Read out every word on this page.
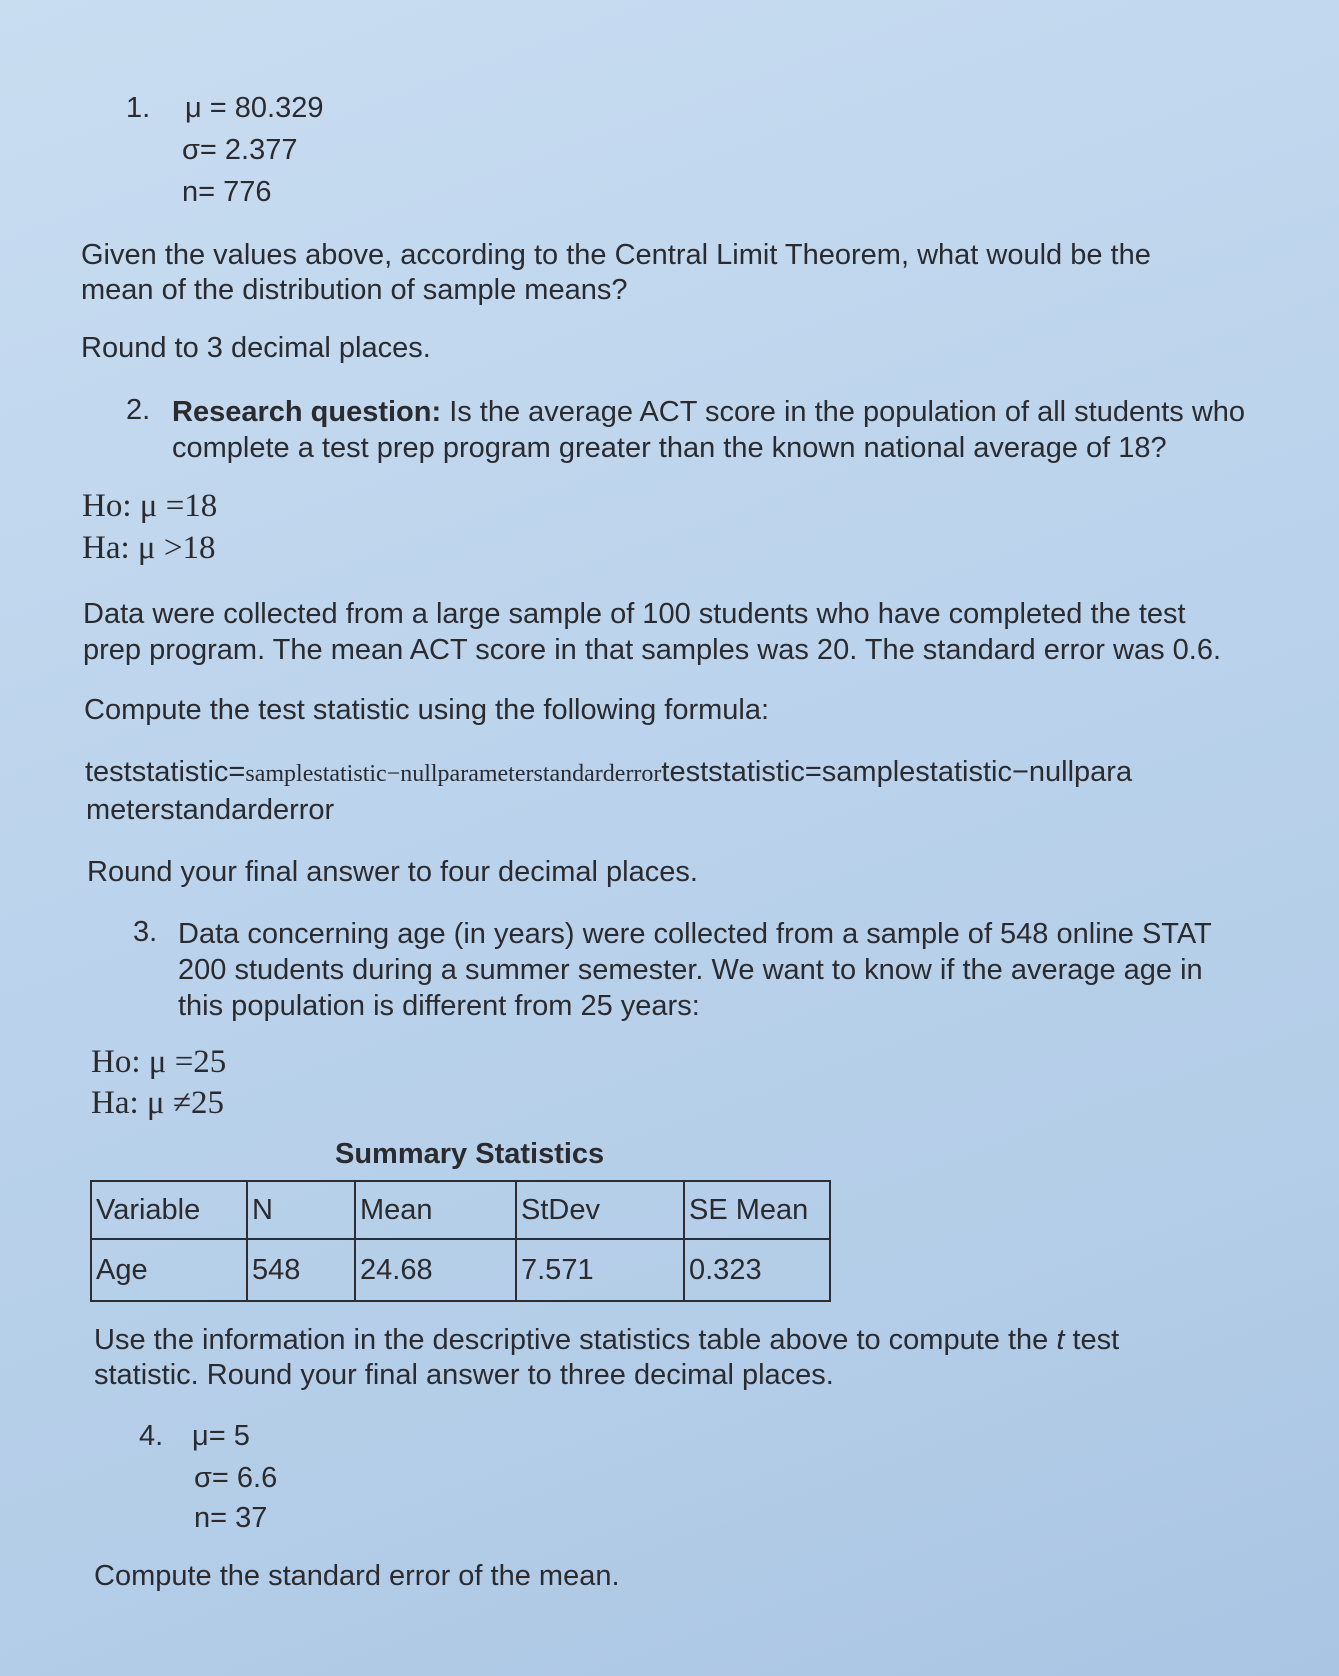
1. μ = 80.329
σ= 2.377
n= 776
Given the values above, according to the Central Limit Theorem, what would be the
mean of the distribution of sample means?
Round to 3 decimal places.
2. Research question: Is the average ACT score in the population of all students who
complete a test prep program greater than the known national average of 18?
Ho: μ =18
Ha: μ >18
Data were collected from a large sample of 100 students who have completed the test
prep program. The mean ACT score in that samples was 20. The standard error was 0.6.
Compute the test statistic using the following formula:
teststatistic=samplestatistic−nullparameterstandarderrorteststatistic=samplestatistic−nullpara
meterstandarderror
Round your final answer to four decimal places.
3. Data concerning age (in years) were collected from a sample of 548 online STAT
200 students during a summer semester. We want to know if the average age in
this population is different from 25 years:
Ho: μ =25
Ha: μ ≠25
Summary Statistics
Variable	N	Mean	StDev	SE Mean
Age	548	24.68	7.571	0.323
Use the information in the descriptive statistics table above to compute the t test
statistic. Round your final answer to three decimal places.
4. μ= 5
σ= 6.6
n= 37
Compute the standard error of the mean.
